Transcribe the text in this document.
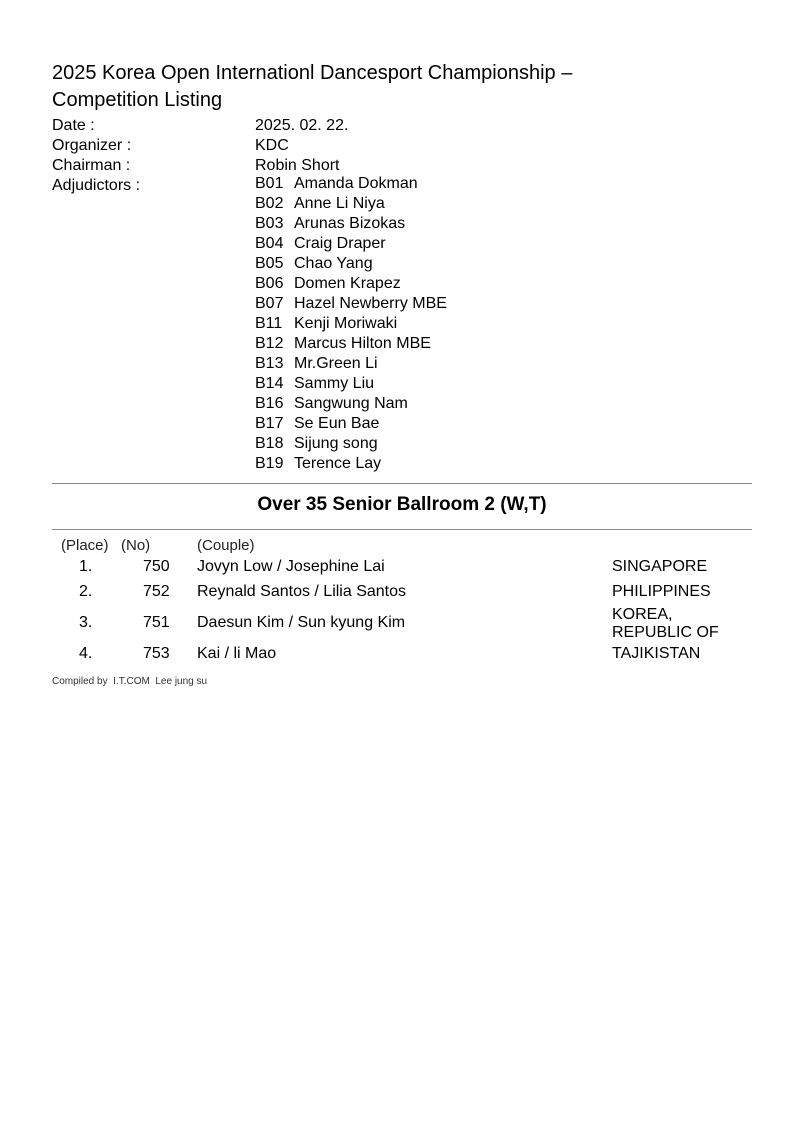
2025 Korea Open Internationl Dancesport Championship – Competition Listing
Date :	2025. 02. 22.
Organizer :	KDC
Chairman :	Robin Short
Adjudictors :	B01 Amanda Dokman
B02 Anne Li Niya
B03 Arunas Bizokas
B04 Craig Draper
B05 Chao Yang
B06 Domen Krapez
B07 Hazel Newberry MBE
B11 Kenji Moriwaki
B12 Marcus Hilton MBE
B13 Mr.Green Li
B14 Sammy Liu
B16 Sangwung Nam
B17 Se Eun Bae
B18 Sijung song
B19 Terence Lay
Over 35 Senior Ballroom 2 (W,T)
(Place) (No)	(Couple)
1.	750 Jovyn Low / Josephine Lai	SINGAPORE
2.	752 Reynald Santos / Lilia Santos	PHILIPPINES
3.	751 Daesun Kim / Sun kyung Kim	KOREA, REPUBLIC OF
4.	753 Kai / li Mao	TAJIKISTAN
Compiled by  I.T.COM  Lee jung su
